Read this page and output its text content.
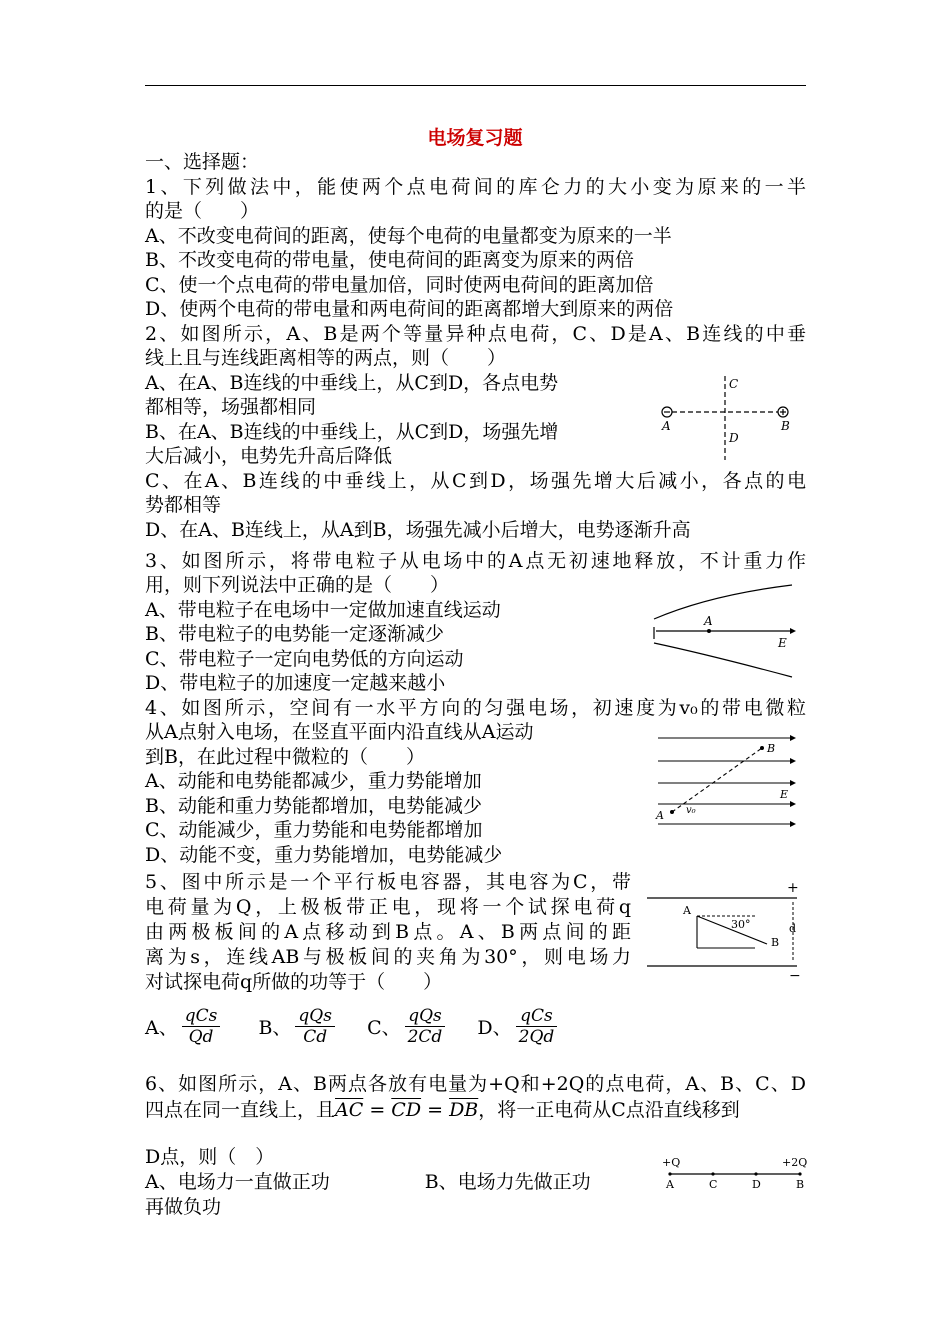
电场复习题
一、选择题：
1、下列做法中，能使两个点电荷间的库仑力的大小变为原来的一半
的是（　　）
A、不改变电荷间的距离，使每个电荷的电量都变为原来的一半
B、不改变电荷的带电量，使电荷间的距离变为原来的两倍
C、使一个点电荷的带电量加倍，同时使两电荷间的距离加倍
D、使两个电荷的带电量和两电荷间的距离都增大到原来的两倍
2、如图所示，A、B是两个等量异种点电荷，C、D是A、B连线的中垂
线上且与连线距离相等的两点，则（　　）
A、在A、B连线的中垂线上，从C到D，各点电势
都相等，场强都相同
B、在A、B连线的中垂线上，从C到D，场强先增
大后减小，电势先升高后降低
C、在A、B连线的中垂线上，从C到D，场强先增大后减小，各点的电
势都相等
D、在A、B连线上，从A到B，场强先减小后增大，电势逐渐升高
C
D
A	B
3、如图所示，将带电粒子从电场中的A点无初速地释放，不计重力作
用，则下列说法中正确的是（　　）
A、带电粒子在电场中一定做加速直线运动
B、带电粒子的电势能一定逐渐减少
C、带电粒子一定向电势低的方向运动
D、带电粒子的加速度一定越来越小
A
E
4、如图所示，空间有一水平方向的匀强电场，初速度为v₀的带电微粒
从A点射入电场，在竖直平面内沿直线从A运动
到B，在此过程中微粒的（　　）
A、动能和电势能都减少，重力势能增加
B、动能和重力势能都增加，电势能减少
C、动能减少，重力势能和电势能都增加
D、动能不变，重力势能增加，电势能减少
B
E
A v₀
5、图中所示是一个平行板电容器，其电容为C，带
电荷量为Q，上极板带正电，现将一个试探电荷q
由两极板间的A点移动到B点。A、B两点间的距
离为s，连线AB与极板间的夹角为30°，则电场力
对试探电荷q所做的功等于（　　）
+
A
30°
B
d
−
A、 $\frac{\text{qCs}}{Qd}$ B、 $\frac{\text{qQs}}{Cd}$ C、 $\frac{\text{qQs}}{2Cd}$ D、 $\frac{\text{qCs}}{2Qd}$
6、如图所示，A、B两点各放有电量为+Q和+2Q的点电荷，A、B、C、D
四点在同一直线上，且$\overline{AC} = \overline{CD} = \overline{DB}$，将一正电荷从C点沿直线移到
D点，则（　）
A、电场力一直做正功　　　　　B、电场力先做正功
再做负功
+Q	+2Q
A	C	D	B
